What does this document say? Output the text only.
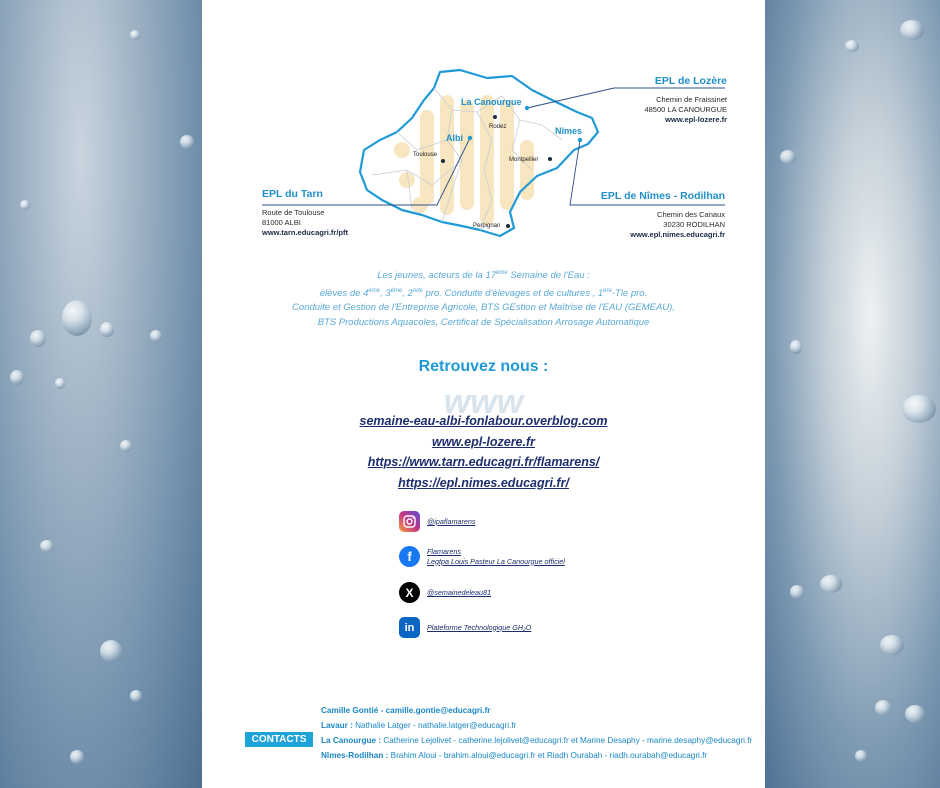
La Canourgue
Albi
Nîmes
Rodez
Toulouse
Montpellier
Perpignan
EPL de Lozère
Chemin de Fraissinet
48500 LA CANOURGUE
www.epl-lozere.fr
EPL du Tarn
Route de Toulouse
81000 ALBI
www.tarn.educagri.fr/pft
EPL de Nîmes - Rodilhan
Chemin des Canaux
30230 RODILHAN
www.epl.nimes.educagri.fr
Les jeunes, acteurs de la 17ème Semaine de l'Eau :
élèves de 4ème, 3ème, 2nde pro. Conduite d'élevages et de cultures , 1ère-Tle pro.
Conduite et Gestion de l'Entreprise Agricole, BTS GEstion et Maîtrise de l'EAU (GEMEAU),
BTS Productions Aquacoles, Certificat de Spécialisation Arrosage Automatique
Retrouvez nous :
www
semaine-eau-albi-fonlabour.overblog.com
www.epl-lozere.fr
https://www.tarn.educagri.fr/flamarens/
https://epl.nimes.educagri.fr/
@ipaflamarens
f	Flamarens
Legtpa Louis Pasteur La Canourgue officiel
X	@semainedeleau81
in	Plateforme Technologique GH₂O
CONTACTS
Camille Gontié - camille.gontie@educagri.fr
Lavaur : Nathalie Latger - nathalie.latger@educagri.fr
La Canourgue : Catherine Lejolivet - catherine.lejolivet@educagri.fr et Marine Desaphy - marine.desaphy@educagri.fr
Nîmes-Rodilhan : Brahim Aloui - brahim.aloui@educagri.fr et Riadh Ourabah - riadh.ourabah@educagri.fr
